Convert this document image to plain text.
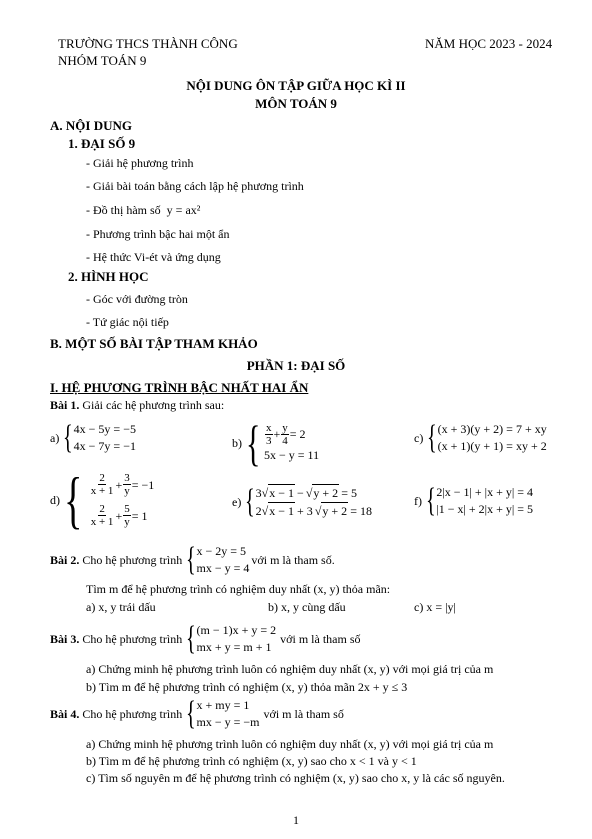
TRƯỜNG THCS THÀNH CÔNG
NHÓM TOÁN 9
NĂM HỌC 2023 - 2024
NỘI DUNG ÔN TẬP GIỮA HỌC KÌ II
MÔN TOÁN 9
A. NỘI DUNG
1. ĐẠI SỐ 9
- Giải hệ phương trình
- Giải bài toán bằng cách lập hệ phương trình
- Đồ thị hàm số y = ax²
- Phương trình bậc hai một ẩn
- Hệ thức Vi-ét và ứng dụng
2. HÌNH HỌC
- Góc với đường tròn
- Tứ giác nội tiếp
B. MỘT SỐ BÀI TẬP THAM KHẢO
PHẦN 1: ĐẠI SỐ
I. HỆ PHƯƠNG TRÌNH BẬC NHẤT HAI ẨN
Bài 1. Giải các hệ phương trình sau:
a) { 4x − 5y = −5
4x − 7y = −1	b) { $\frac{x}{3} + \frac{y}{4} = 2$
5x − y = 11
c) { (x + 3)(y + 2) = 7 + xy
(x + 1)(y + 1) = xy + 2
d) { $\frac{2}{x + 1} + \frac{3}{y} = -1$
$\frac{2}{x + 1} + \frac{5}{y} = 1$
e) { 3 √ x − 1 − √ y + 2 = 5
2 √ x − 1 + 3 √ y + 2 = 18
f) { 2|x − 1| + |x + y| = 4
|1 − x| + 2|x + y| = 5
Bài 2.
Cho hệ phương trình { x − 2y = 5
mx − y = 4
với m là tham số.
Tìm m để hệ phương trình có nghiệm duy nhất (x, y) thỏa mãn:
a) x, y trái dấu	b) x, y cùng dấu	c) x = |y|
Bài 3.
Cho hệ phương trình { (m − 1)x + y = 2
mx + y = m + 1
với m là tham số
a) Chứng minh hệ phương trình luôn có nghiệm duy nhất (x, y) với mọi giá trị của m
b) Tìm m để hệ phương trình có nghiệm (x, y) thỏa mãn 2x + y ≤ 3
Bài 4.
Cho hệ phương trình { x + my = 1
mx − y = −m
với m là tham số
a) Chứng minh hệ phương trình luôn có nghiệm duy nhất (x, y) với mọi giá trị của m
b) Tìm m để hệ phương trình có nghiệm (x, y) sao cho x < 1 và y < 1
c) Tìm số nguyên m để hệ phương trình có nghiệm (x, y) sao cho x, y là các số nguyên.
1
